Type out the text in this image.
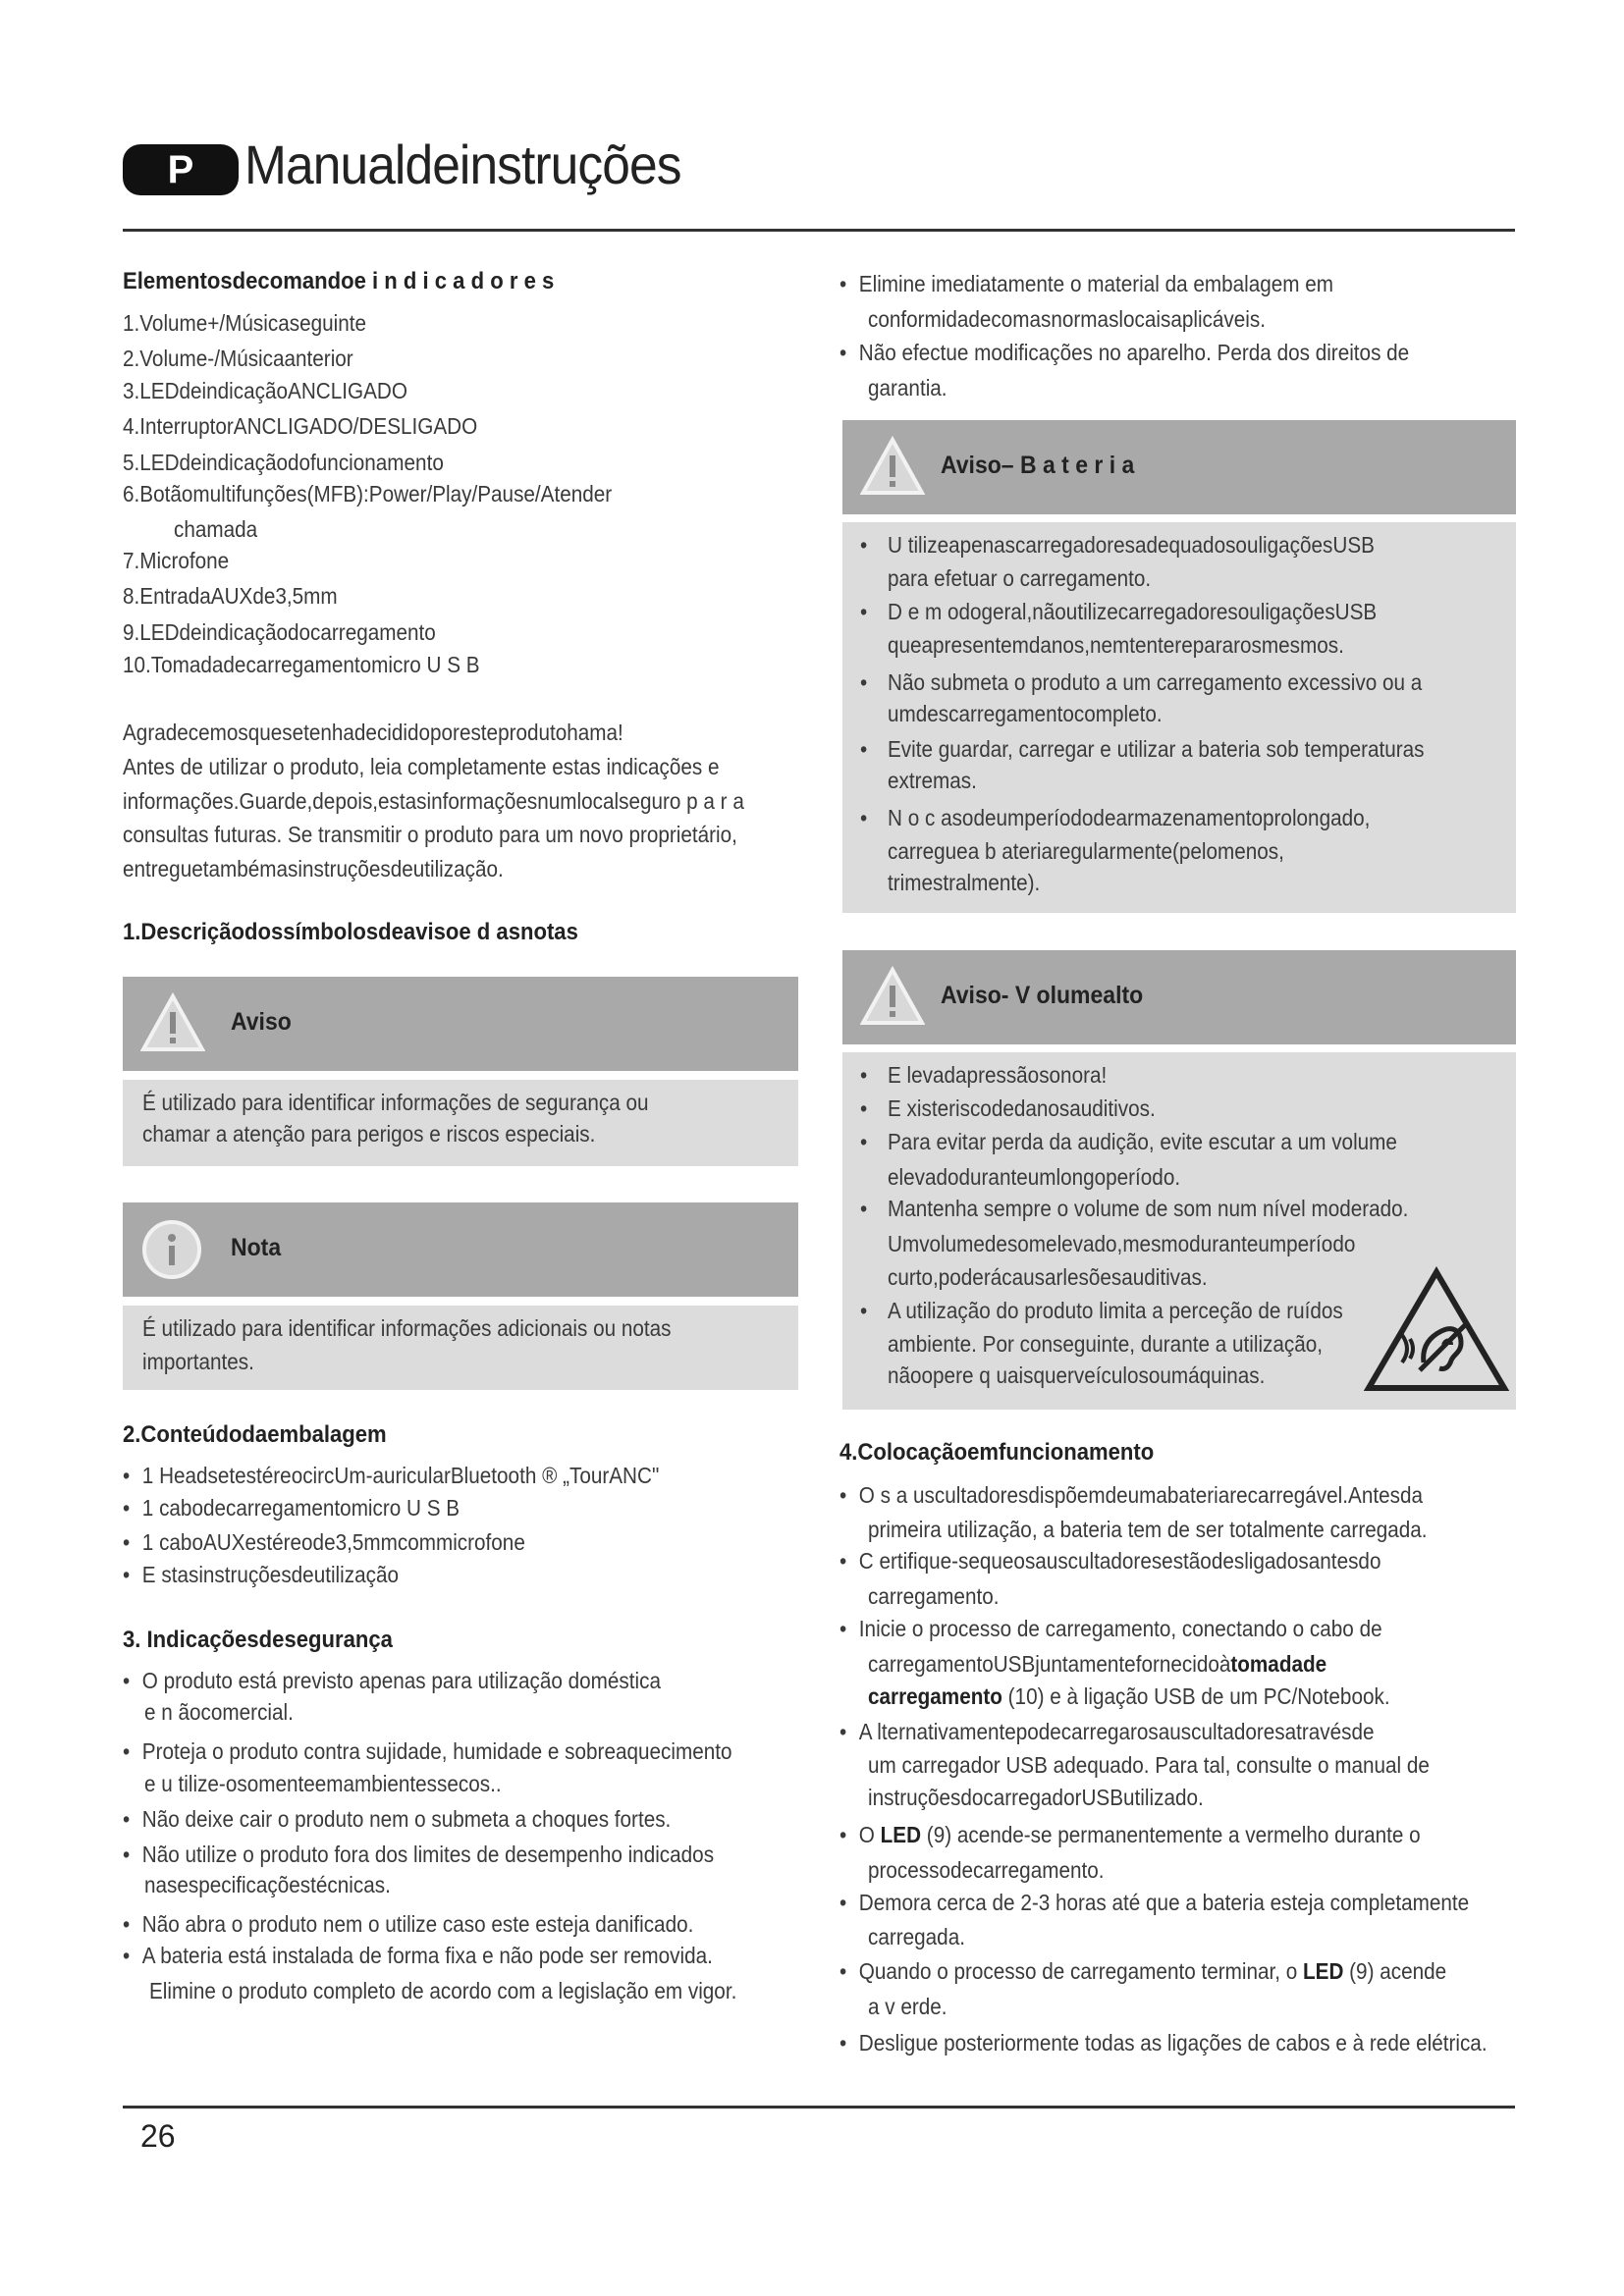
P Manualdeinstruções
Elementosdecomandoe i n d i c a d o r e s
1.Volume+/Músicaseguinte
2.Volume-/Músicaanterior
3.LEDdeindicaçãoANCLIGADO
4.InterruptorANCLIGADO/DESLIGADO
5.LEDdeindicaçãodofuncionamento
6.Botãomultifunções(MFB):Power/Play/Pause/Atender
chamada
7.Microfone
8.EntradaAUXde3,5mm
9.LEDdeindicaçãodocarregamento
10.Tomadadecarregamentomicro U S B
Agradecemosquesetenhadecididoporesteprodutohama!
Antes de utilizar o produto, leia completamente estas indicações e
informações.Guarde,depois,estasinformaçõesnumlocalseguro p a r a
consultas futuras. Se transmitir o produto para um novo proprietário,
entreguetambémasinstruçõesdeutilização.
1.Descriçãodossímbolosdeavisoe d asnotas
Aviso
É utilizado para identificar informações de segurança ou
chamar a atenção para perigos e riscos especiais.
Nota
É utilizado para identificar informações adicionais ou notas
importantes.
2.Conteúdodaembalagem
• 1 HeadsetestéreocircUm-auricularBluetooth ® „TourANC"
• 1 cabodecarregamentomicro U S B
• 1 caboAUXestéreode3,5mmcommicrofone
• E stasinstruçõesdeutilização
3. Indicaçõesdesegurança
• O produto está previsto apenas para utilização doméstica
e n ãocomercial.
• Proteja o produto contra sujidade, humidade e sobreaquecimento
e u tilize-osomenteemambientessecos..
• Não deixe cair o produto nem o submeta a choques fortes.
• Não utilize o produto fora dos limites de desempenho indicados
nasespecificaçõestécnicas.
• Não abra o produto nem o utilize caso este esteja danificado.
• A bateria está instalada de forma fixa e não pode ser removida.
Elimine o produto completo de acordo com a legislação em vigor.
• Elimine imediatamente o material da embalagem em
conformidadecomasnormaslocaisaplicáveis.
• Não efectue modificações no aparelho. Perda dos direitos de
garantia.
Aviso– B a t e r i a
• U tilizeapenascarregadoresadequadosouligaçõesUSB
para efetuar o carregamento.
• D e m odogeral,nãoutilizecarregadoresouligaçõesUSB
queapresentemdanos,nemtenterepararosmesmos.
• Não submeta o produto a um carregamento excessivo ou a
umdescarregamentocompleto.
• Evite guardar, carregar e utilizar a bateria sob temperaturas
extremas.
• N o c asodeumperíododearmazenamentoprolongado,
carreguea b ateriaregularmente(pelomenos,
trimestralmente).
Aviso- V olumealto
• E levadapressãosonora!
• E xisteriscodedanosauditivos.
• Para evitar perda da audição, evite escutar a um volume
elevadoduranteumlongoperíodo.
• Mantenha sempre o volume de som num nível moderado.
Umvolumedesomelevado,mesmoduranteumperíodo
curto,poderácausarlesõesauditivas.
• A utilização do produto limita a perceção de ruídos
ambiente. Por conseguinte, durante a utilização,
nãoopere q uaisquerveículosoumáquinas.
4.Colocaçãoemfuncionamento
• O s a uscultadoresdispõemdeumabateriarecarregável.Antesda
primeira utilização, a bateria tem de ser totalmente carregada.
• C ertifique-sequeosauscultadoresestãodesligadosantesdo
carregamento.
• Inicie o processo de carregamento, conectando o cabo de
carregamentoUSBjuntamentefornecidoàtomadade
carregamento (10) e à ligação USB de um PC/Notebook.
• A lternativamentepodecarregarosauscultadoresatravésde
um carregador USB adequado. Para tal, consulte o manual de
instruçõesdocarregadorUSButilizado.
• O LED (9) acende-se permanentemente a vermelho durante o
processodecarregamento.
• Demora cerca de 2-3 horas até que a bateria esteja completamente
carregada.
• Quando o processo de carregamento terminar, o LED (9) acende
a v erde.
• Desligue posteriormente todas as ligações de cabos e à rede elétrica.
26
